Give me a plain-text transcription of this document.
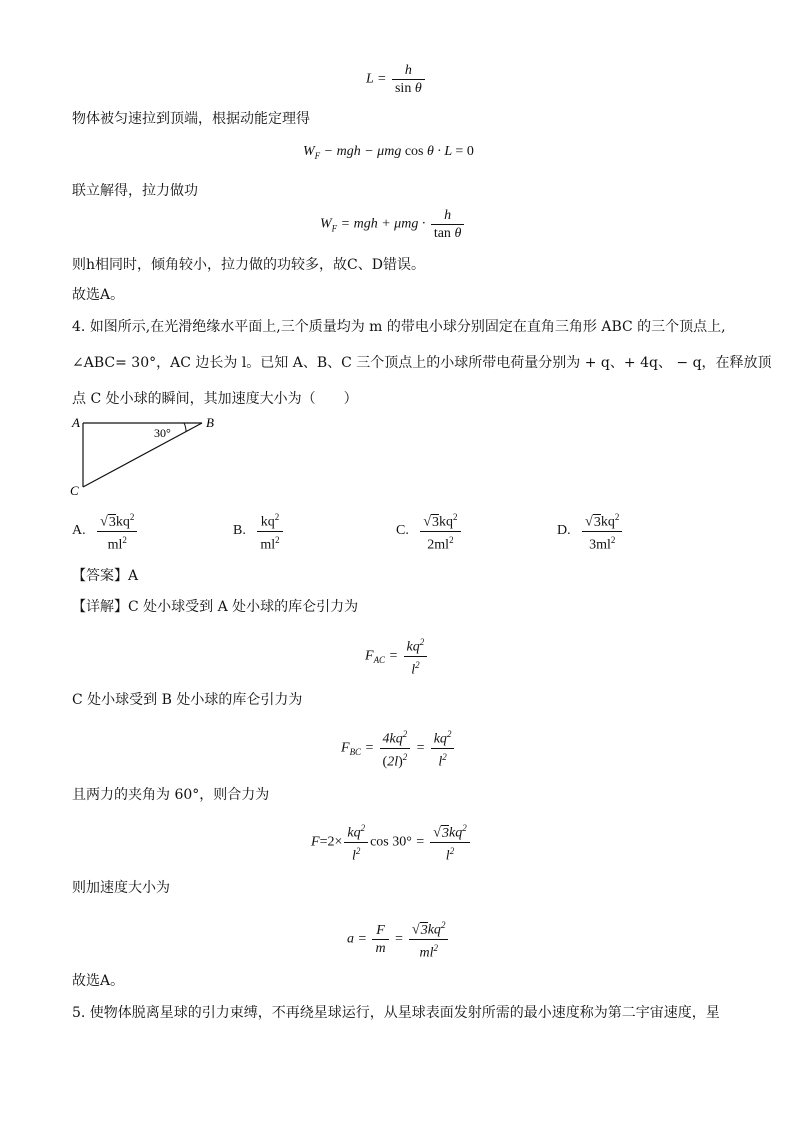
$L = \frac{h}{\text{sin θ}}$
物体被匀速拉到顶端，根据动能定理得
$W_F$ − mgh − μmg cos θ · L = 0
联立解得，拉力做功
$W_F$ = mgh + $\mu mg \cdot \frac{h}{\text{tan θ}}$
则h相同时，倾角较小，拉力做的功较多，故C、D错误。
故选A。
4. 如图所示,在光滑绝缘水平面上,三个质量均为 m 的带电小球分别固定在直角三角形 ABC 的三个顶点上,
∠ABC= 30°，AC 边长为 l。已知 A、B、C 三个顶点上的小球所带电荷量分别为 + q、+ 4q、 − q，在释放顶
点 C 处小球的瞬间，其加速度大小为（　　）
A	B
C
30°
A. $\frac{√3kq^2}{ml^2}$	B. $\frac{kq^2}{ml^2}$	C. $\frac{√3kq^2}{2ml^2}$	D. $\frac{√3kq^2}{3ml^2}$
【答案】A
【详解】C 处小球受到 A 处小球的库仑引力为
$F_{AC} = \frac{kq^2}{l^2}$
C 处小球受到 B 处小球的库仑引力为
$F_{BC} = \frac{4kq^2}{(2l)^2} = \frac{kq^2}{l^2}$
且两力的夹角为 60°，则合力为
$F=2\times \frac{kq^2}{l^2}$ $\cos 30^\circ = \frac{√3kq^2}{l^2}$
则加速度大小为
$a = \frac{F}{m} = \frac{√3kq^2}{ml^2}$
故选A。
5. 使物体脱离星球的引力束缚，不再绕星球运行，从星球表面发射所需的最小速度称为第二宇宙速度，星
